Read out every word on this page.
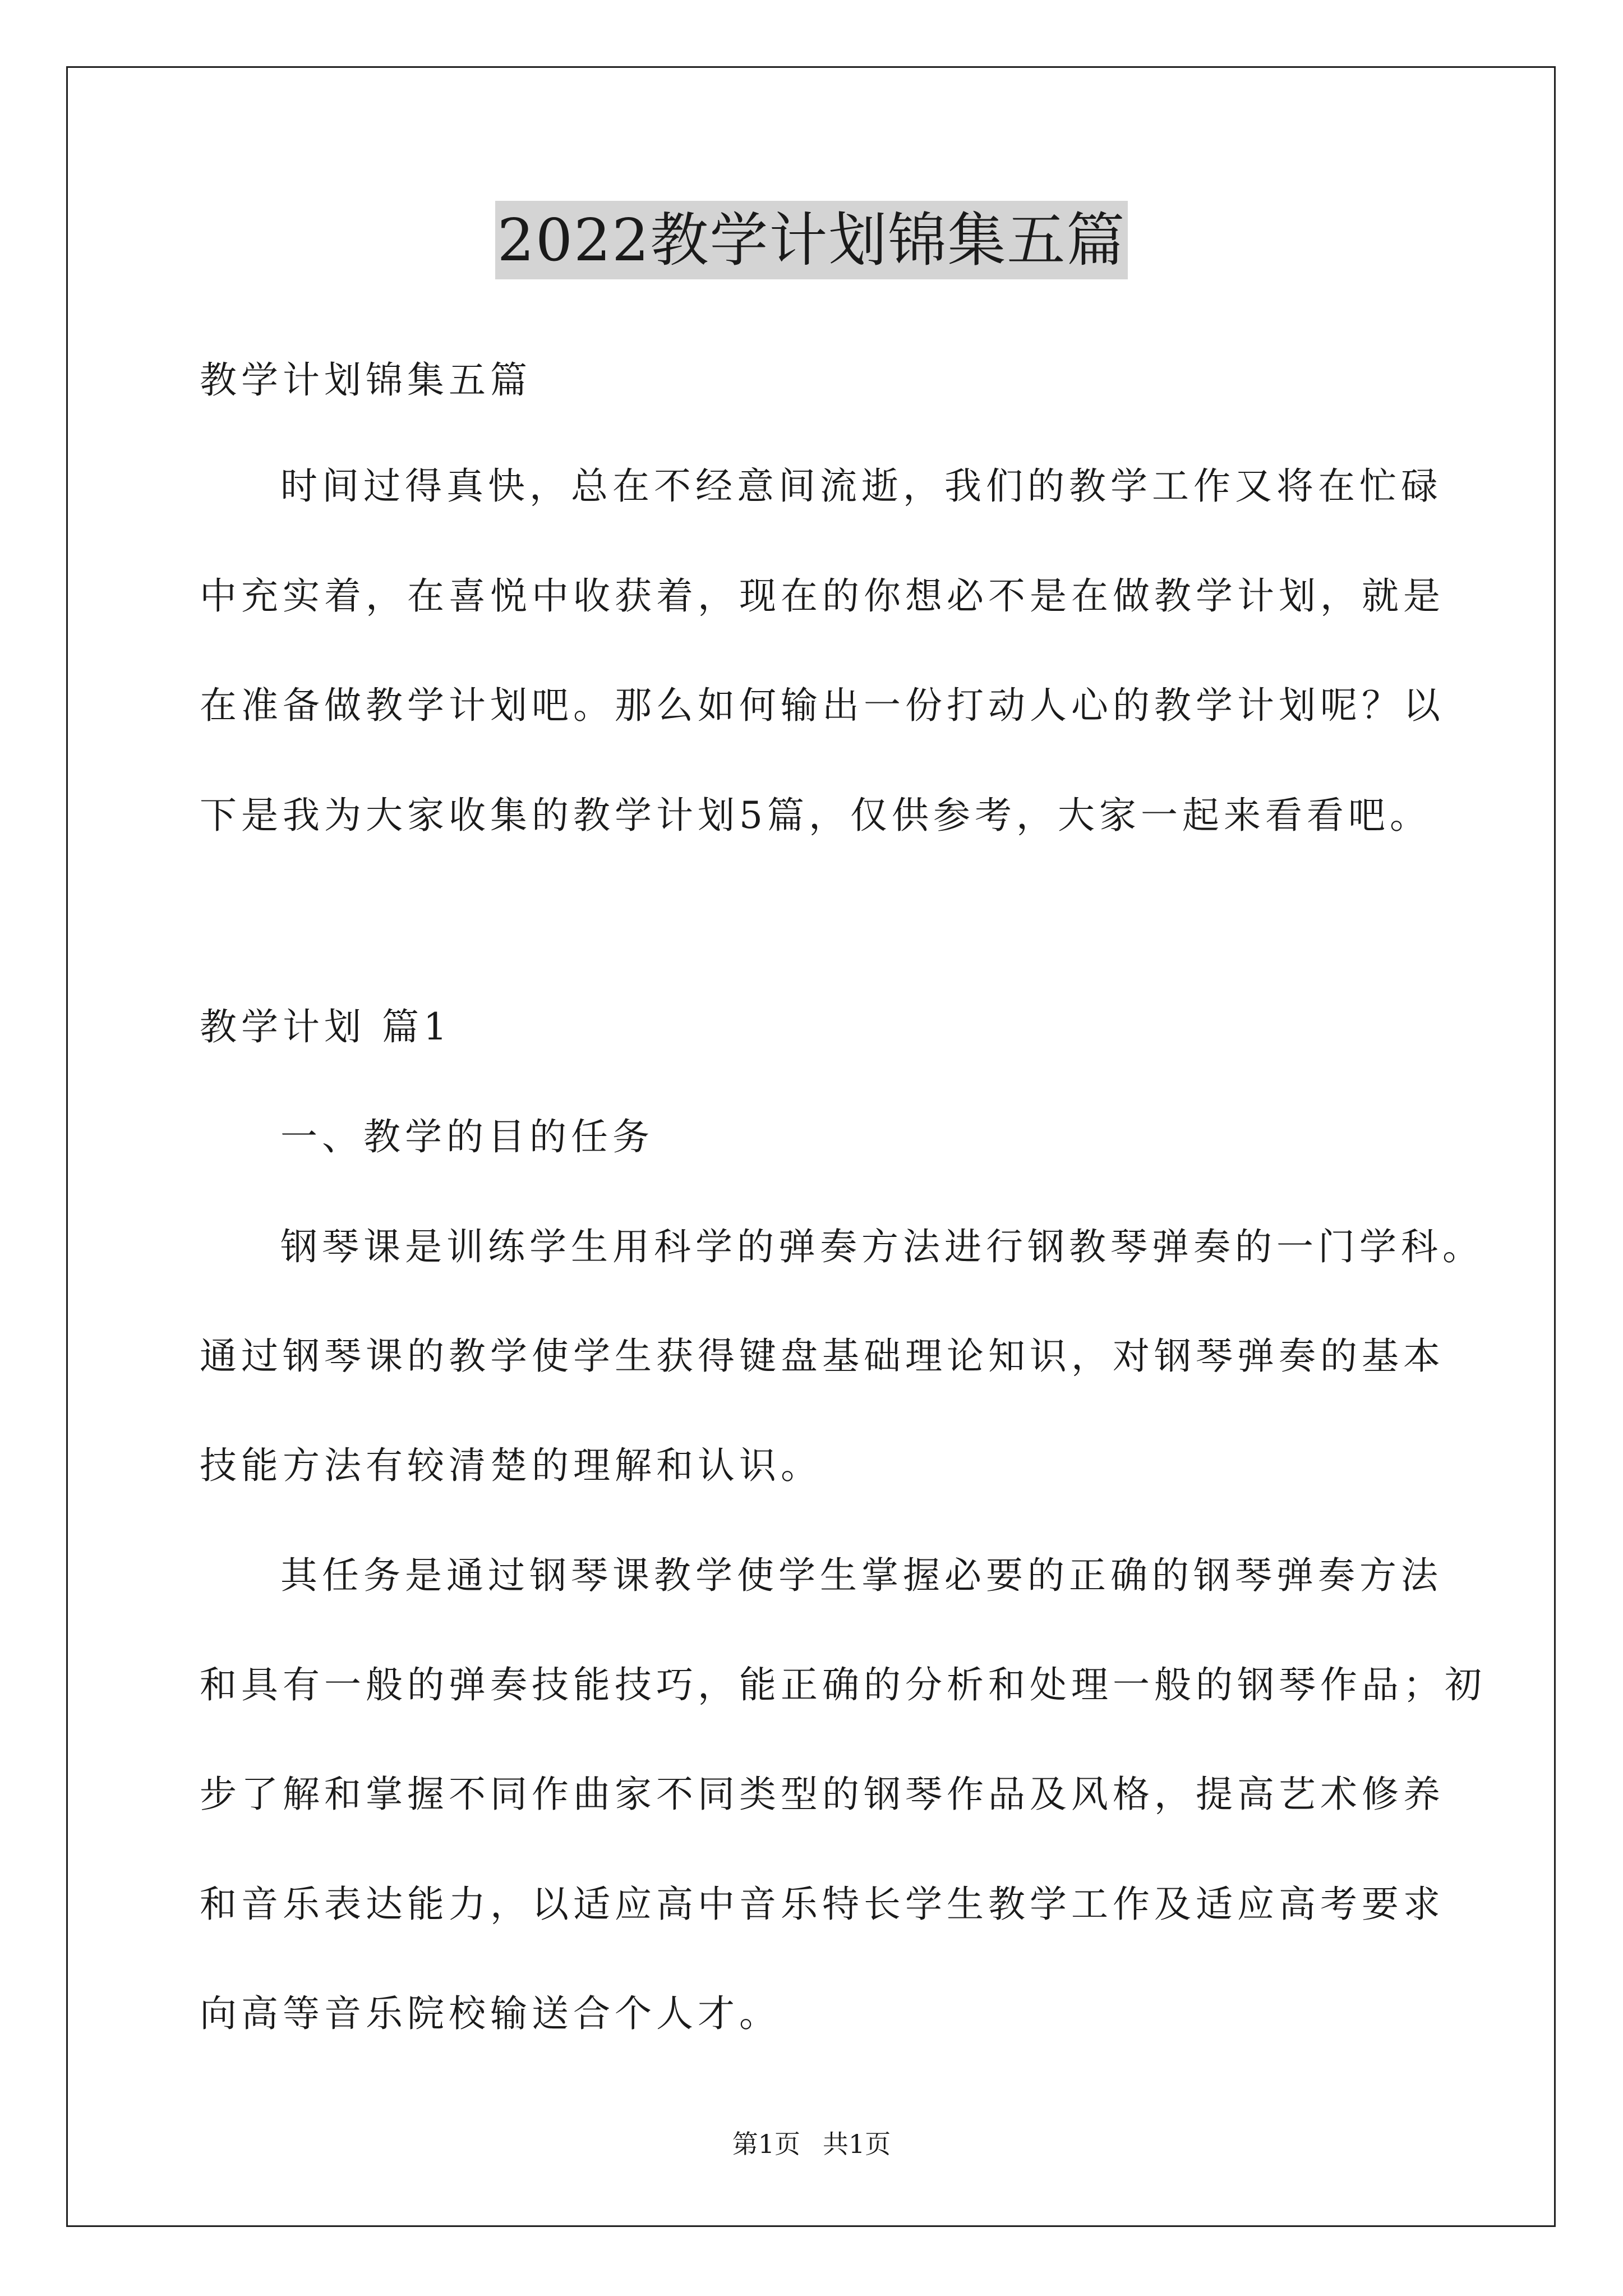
2022教学计划锦集五篇
教学计划锦集五篇
时间过得真快，总在不经意间流逝，我们的教学工作又将在忙碌
中充实着，在喜悦中收获着，现在的你想必不是在做教学计划，就是
在准备做教学计划吧。那么如何输出一份打动人心的教学计划呢？以
下是我为大家收集的教学计划5篇，仅供参考，大家一起来看看吧。
教学计划 篇1
一、教学的目的任务
钢琴课是训练学生用科学的弹奏方法进行钢教琴弹奏的一门学科。
通过钢琴课的教学使学生获得键盘基础理论知识，对钢琴弹奏的基本
技能方法有较清楚的理解和认识。
其任务是通过钢琴课教学使学生掌握必要的正确的钢琴弹奏方法
和具有一般的弹奏技能技巧，能正确的分析和处理一般的钢琴作品；初
步了解和掌握不同作曲家不同类型的钢琴作品及风格，提高艺术修养
和音乐表达能力，以适应高中音乐特长学生教学工作及适应高考要求
向高等音乐院校输送合个人才。
第1页 共1页
